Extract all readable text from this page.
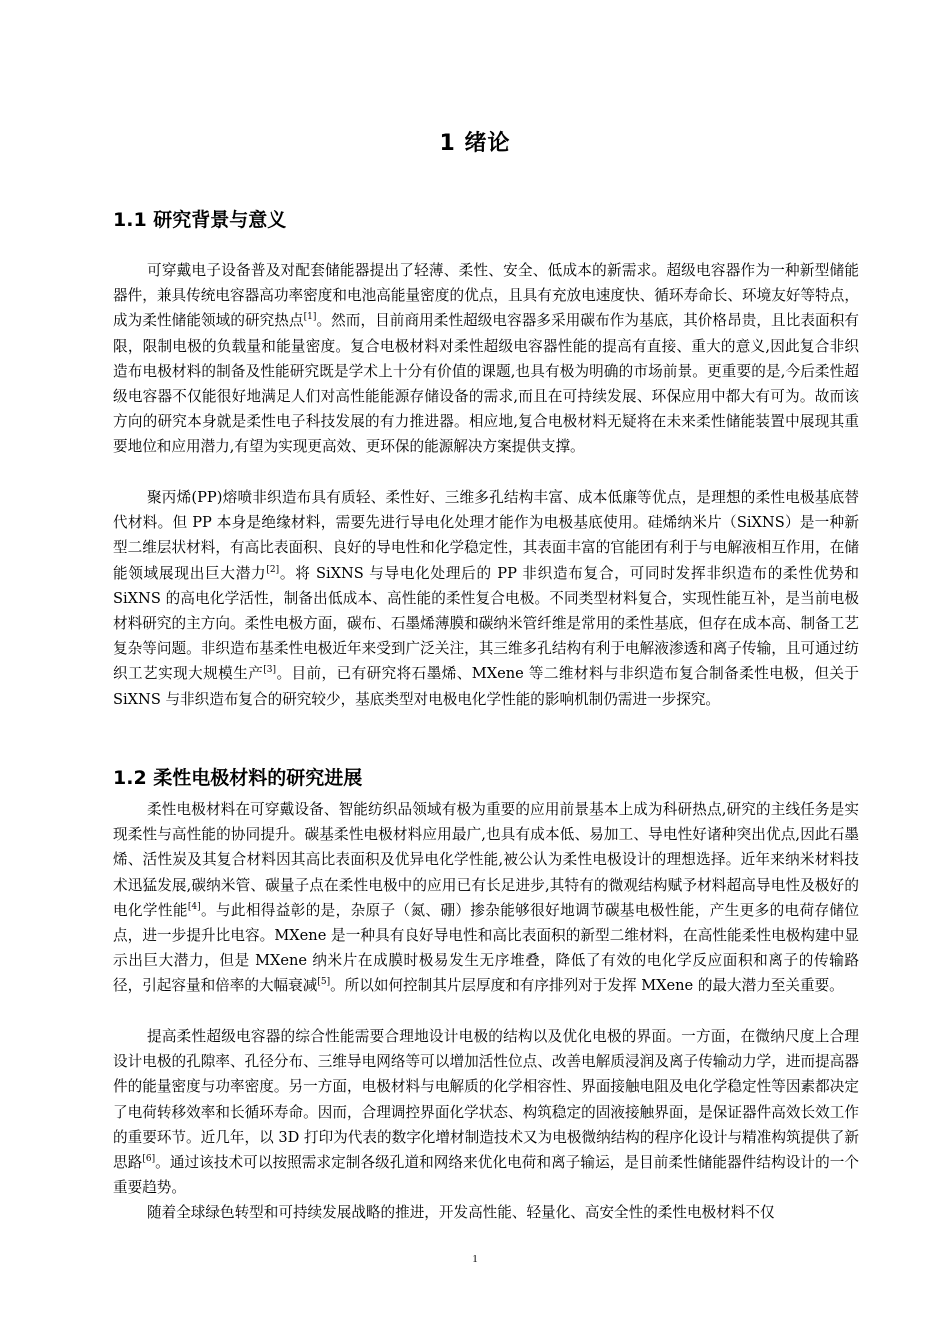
1 绪论
1.1 研究背景与意义

可穿戴电子设备普及对配套储能器提出了轻薄、柔性、安全、低成本的新需求。超级电容器作为一种新型储能器件，兼具传统电容器高功率密度和电池高能量密度的优点，且具有充放电速度快、循环寿命长、环境友好等特点，成为柔性储能领域的研究热点[1]。然而，目前商用柔性超级电容器多采用碳布作为基底，其价格昂贵，且比表面积有限，限制电极的负载量和能量密度。复合电极材料对柔性超级电容器性能的提高有直接、重大的意义,因此复合非织造布电极材料的制备及性能研究既是学术上十分有价值的课题,也具有极为明确的市场前景。更重要的是,今后柔性超级电容器不仅能很好地满足人们对高性能能源存储设备的需求,而且在可持续发展、环保应用中都大有可为。故而该方向的研究本身就是柔性电子科技发展的有力推进器。相应地,复合电极材料无疑将在未来柔性储能装置中展现其重要地位和应用潜力,有望为实现更高效、更环保的能源解决方案提供支撑。

聚丙烯(PP)熔喷非织造布具有质轻、柔性好、三维多孔结构丰富、成本低廉等优点，是理想的柔性电极基底替代材料。但 PP 本身是绝缘材料，需要先进行导电化处理才能作为电极基底使用。硅烯纳米片（SiXNS）是一种新型二维层状材料，有高比表面积、良好的导电性和化学稳定性，其表面丰富的官能团有利于与电解液相互作用，在储能领域展现出巨大潜力[2]。将 SiXNS 与导电化处理后的 PP 非织造布复合，可同时发挥非织造布的柔性优势和 SiXNS 的高电化学活性，制备出低成本、高性能的柔性复合电极。不同类型材料复合，实现性能互补，是当前电极材料研究的主方向。柔性电极方面，碳布、石墨烯薄膜和碳纳米管纤维是常用的柔性基底，但存在成本高、制备工艺复杂等问题。非织造布基柔性电极近年来受到广泛关注，其三维多孔结构有利于电解液渗透和离子传输，且可通过纺织工艺实现大规模生产[3]。目前，已有研究将石墨烯、MXene 等二维材料与非织造布复合制备柔性电极，但关于 SiXNS 与非织造布复合的研究较少，基底类型对电极电化学性能的影响机制仍需进一步探究。

1.2 柔性电极材料的研究进展

柔性电极材料在可穿戴设备、智能纺织品领域有极为重要的应用前景基本上成为科研热点,研究的主线任务是实现柔性与高性能的协同提升。碳基柔性电极材料应用最广,也具有成本低、易加工、导电性好诸种突出优点,因此石墨烯、活性炭及其复合材料因其高比表面积及优异电化学性能,被公认为柔性电极设计的理想选择。近年来纳米材料技术迅猛发展,碳纳米管、碳量子点在柔性电极中的应用已有长足进步,其特有的微观结构赋予材料超高导电性及极好的电化学性能[4]。与此相得益彰的是，杂原子（氮、硼）掺杂能够很好地调节碳基电极性能，产生更多的电荷存储位点，进一步提升比电容。MXene 是一种具有良好导电性和高比表面积的新型二维材料，在高性能柔性电极构建中显示出巨大潜力，但是 MXene 纳米片在成膜时极易发生无序堆叠，降低了有效的电化学反应面积和离子的传输路径，引起容量和倍率的大幅衰减[5]。所以如何控制其片层厚度和有序排列对于发挥 MXene 的最大潜力至关重要。

提高柔性超级电容器的综合性能需要合理地设计电极的结构以及优化电极的界面。一方面，在微纳尺度上合理设计电极的孔隙率、孔径分布、三维导电网络等可以增加活性位点、改善电解质浸润及离子传输动力学，进而提高器件的能量密度与功率密度。另一方面，电极材料与电解质的化学相容性、界面接触电阻及电化学稳定性等因素都决定了电荷转移效率和长循环寿命。因而，合理调控界面化学状态、构筑稳定的固液接触界面，是保证器件高效长效工作的重要环节。近几年，以 3D 打印为代表的数字化增材制造技术又为电极微纳结构的程序化设计与精准构筑提供了新思路[6]。通过该技术可以按照需求定制各级孔道和网络来优化电荷和离子输运，是目前柔性储能器件结构设计的一个重要趋势。

随着全球绿色转型和可持续发展战略的推进，开发高性能、轻量化、高安全性的柔性电极材料不仅

1
